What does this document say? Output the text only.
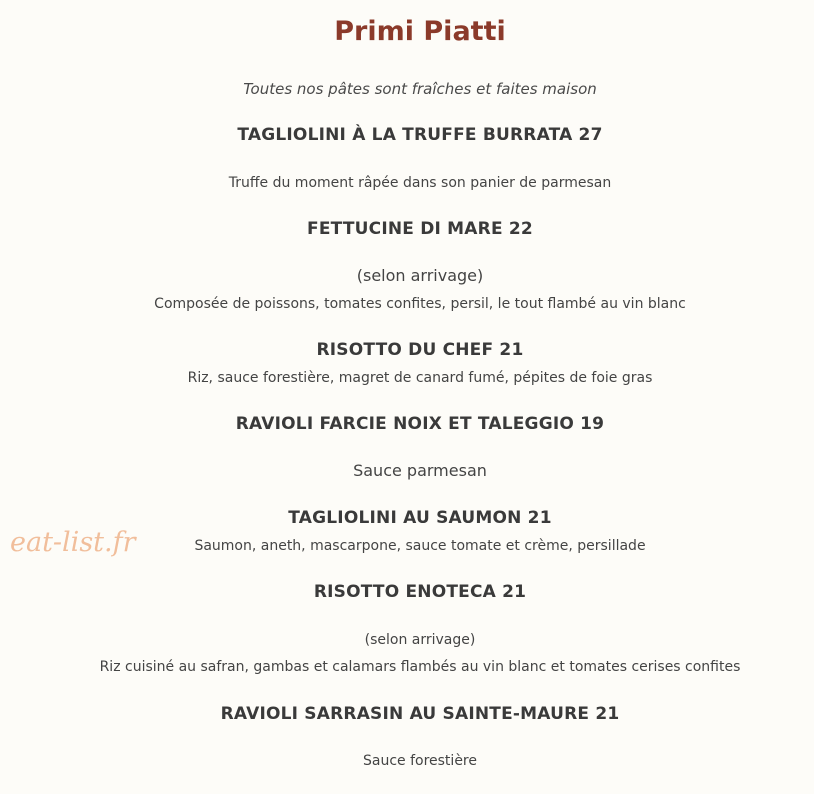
Primi Piatti
Toutes nos pâtes sont fraîches et faites maison
TAGLIOLINI À LA TRUFFE BURRATA 27
Truffe du moment râpée dans son panier de parmesan
FETTUCINE DI MARE 22
(selon arrivage)
Composée de poissons, tomates confites, persil, le tout flambé au vin blanc
RISOTTO DU CHEF 21
Riz, sauce forestière, magret de canard fumé, pépites de foie gras
RAVIOLI FARCIE NOIX ET TALEGGIO 19
Sauce parmesan
TAGLIOLINI AU SAUMON 21
Saumon, aneth, mascarpone, sauce tomate et crème, persillade
RISOTTO ENOTECA 21
(selon arrivage)
Riz cuisiné au safran, gambas et calamars flambés au vin blanc et tomates cerises confites
RAVIOLI SARRASIN AU SAINTE-MAURE 21
Sauce forestière
eat-list.fr
